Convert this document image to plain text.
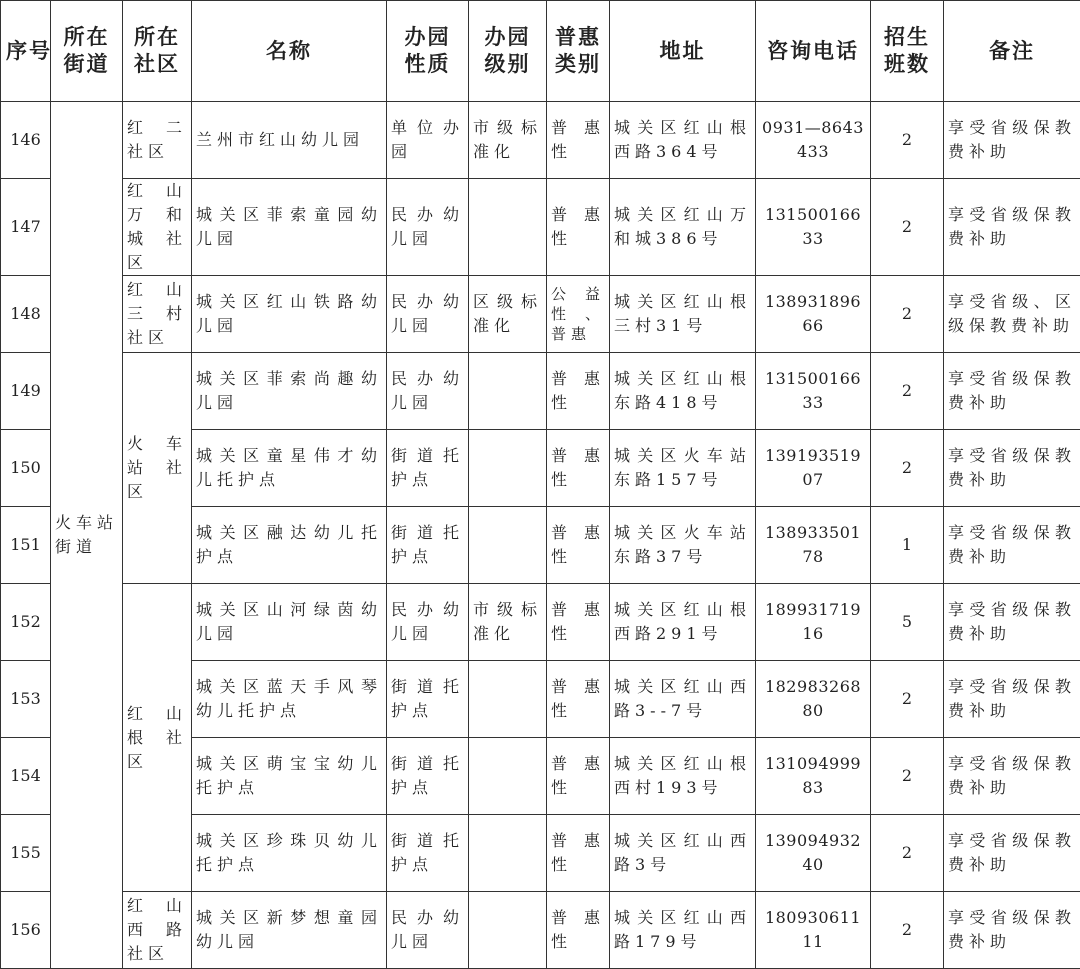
序号	所在街道	所在社区	名称	办园性质	办园级别	普惠类别	地址	咨询电话	招生班数	备注
146	火车站街道	红二社区	兰州市红山幼儿园	单位办园	市级标准化	普惠性	城关区红山根西路364号	0931—8643433	2	享受省级保教费补助
147		红山万和城社区	城关区菲索童园幼儿园	民办幼儿园		普惠性	城关区红山万和城386号	13150016633	2	享受省级保教费补助
148		红山三村社区	城关区红山铁路幼儿园	民办幼儿园	区级标准化	公益性、普惠	城关区红山根三村31号	13893189666	2	享受省级、区级保教费补助
149		火车站社区	城关区菲索尚趣幼儿园	民办幼儿园		普惠性	城关区红山根东路418号	13150016633	2	享受省级保教费补助
150			城关区童星伟才幼儿托护点	街道托护点		普惠性	城关区火车站东路157号	13919351907	2	享受省级保教费补助
151			城关区融达幼儿托护点	街道托护点		普惠性	城关区火车站东路37号	13893350178	1	享受省级保教费补助
152		红山根社区	城关区山河绿茵幼儿园	民办幼儿园	市级标准化	普惠性	城关区红山根西路291号	18993171916	5	享受省级保教费补助
153			城关区蓝天手风琴幼儿托护点	街道托护点		普惠性	城关区红山西路3--7号	18298326880	2	享受省级保教费补助
154			城关区萌宝宝幼儿托护点	街道托护点		普惠性	城关区红山根西村193号	13109499983	2	享受省级保教费补助
155			城关区珍珠贝幼儿托护点	街道托护点		普惠性	城关区红山西路3号	13909493240	2	享受省级保教费补助
156		红山西路社区	城关区新梦想童园幼儿园	民办幼儿园		普惠性	城关区红山西路179号	18093061111	2	享受省级保教费补助
